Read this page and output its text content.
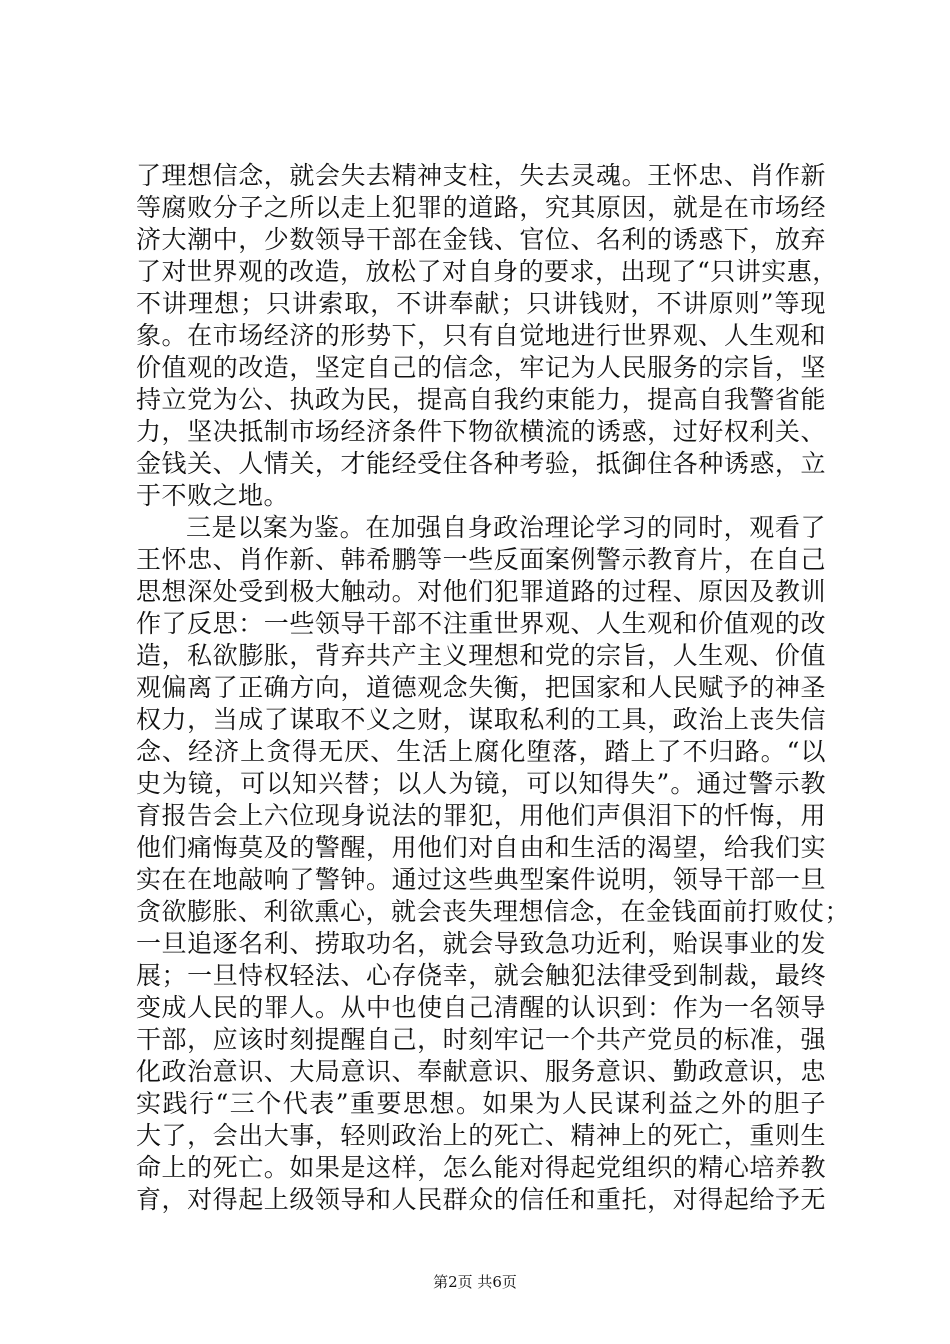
了理想信念，就会失去精神支柱，失去灵魂。王怀忠、肖作新
等腐败分子之所以走上犯罪的道路，究其原因，就是在市场经
济大潮中，少数领导干部在金钱、官位、名利的诱惑下，放弃
了对世界观的改造，放松了对自身的要求，出现了“只讲实惠，
不讲理想；只讲索取，不讲奉献；只讲钱财，不讲原则”等现
象。在市场经济的形势下，只有自觉地进行世界观、人生观和
价值观的改造，坚定自己的信念，牢记为人民服务的宗旨，坚
持立党为公、执政为民，提高自我约束能力，提高自我警省能
力，坚决抵制市场经济条件下物欲横流的诱惑，过好权利关、
金钱关、人情关，才能经受住各种考验，抵御住各种诱惑，立
于不败之地。
三是以案为鉴。在加强自身政治理论学习的同时，观看了
王怀忠、肖作新、韩希鹏等一些反面案例警示教育片，在自己
思想深处受到极大触动。对他们犯罪道路的过程、原因及教训
作了反思：一些领导干部不注重世界观、人生观和价值观的改
造，私欲膨胀，背弃共产主义理想和党的宗旨，人生观、价值
观偏离了正确方向，道德观念失衡，把国家和人民赋予的神圣
权力，当成了谋取不义之财，谋取私利的工具，政治上丧失信
念、经济上贪得无厌、生活上腐化堕落，踏上了不归路。“以
史为镜，可以知兴替；以人为镜，可以知得失”。通过警示教
育报告会上六位现身说法的罪犯，用他们声俱泪下的忏悔，用
他们痛悔莫及的警醒，用他们对自由和生活的渴望，给我们实
实在在地敲响了警钟。通过这些典型案件说明，领导干部一旦
贪欲膨胀、利欲熏心，就会丧失理想信念，在金钱面前打败仗；
一旦追逐名利、捞取功名，就会导致急功近利，贻误事业的发
展；一旦恃权轻法、心存侥幸，就会触犯法律受到制裁，最终
变成人民的罪人。从中也使自己清醒的认识到：作为一名领导
干部，应该时刻提醒自己，时刻牢记一个共产党员的标准，强
化政治意识、大局意识、奉献意识、服务意识、勤政意识，忠
实践行“三个代表”重要思想。如果为人民谋利益之外的胆子
大了，会出大事，轻则政治上的死亡、精神上的死亡，重则生
命上的死亡。如果是这样，怎么能对得起党组织的精心培养教
育，对得起上级领导和人民群众的信任和重托，对得起给予无
第2页 共6页
